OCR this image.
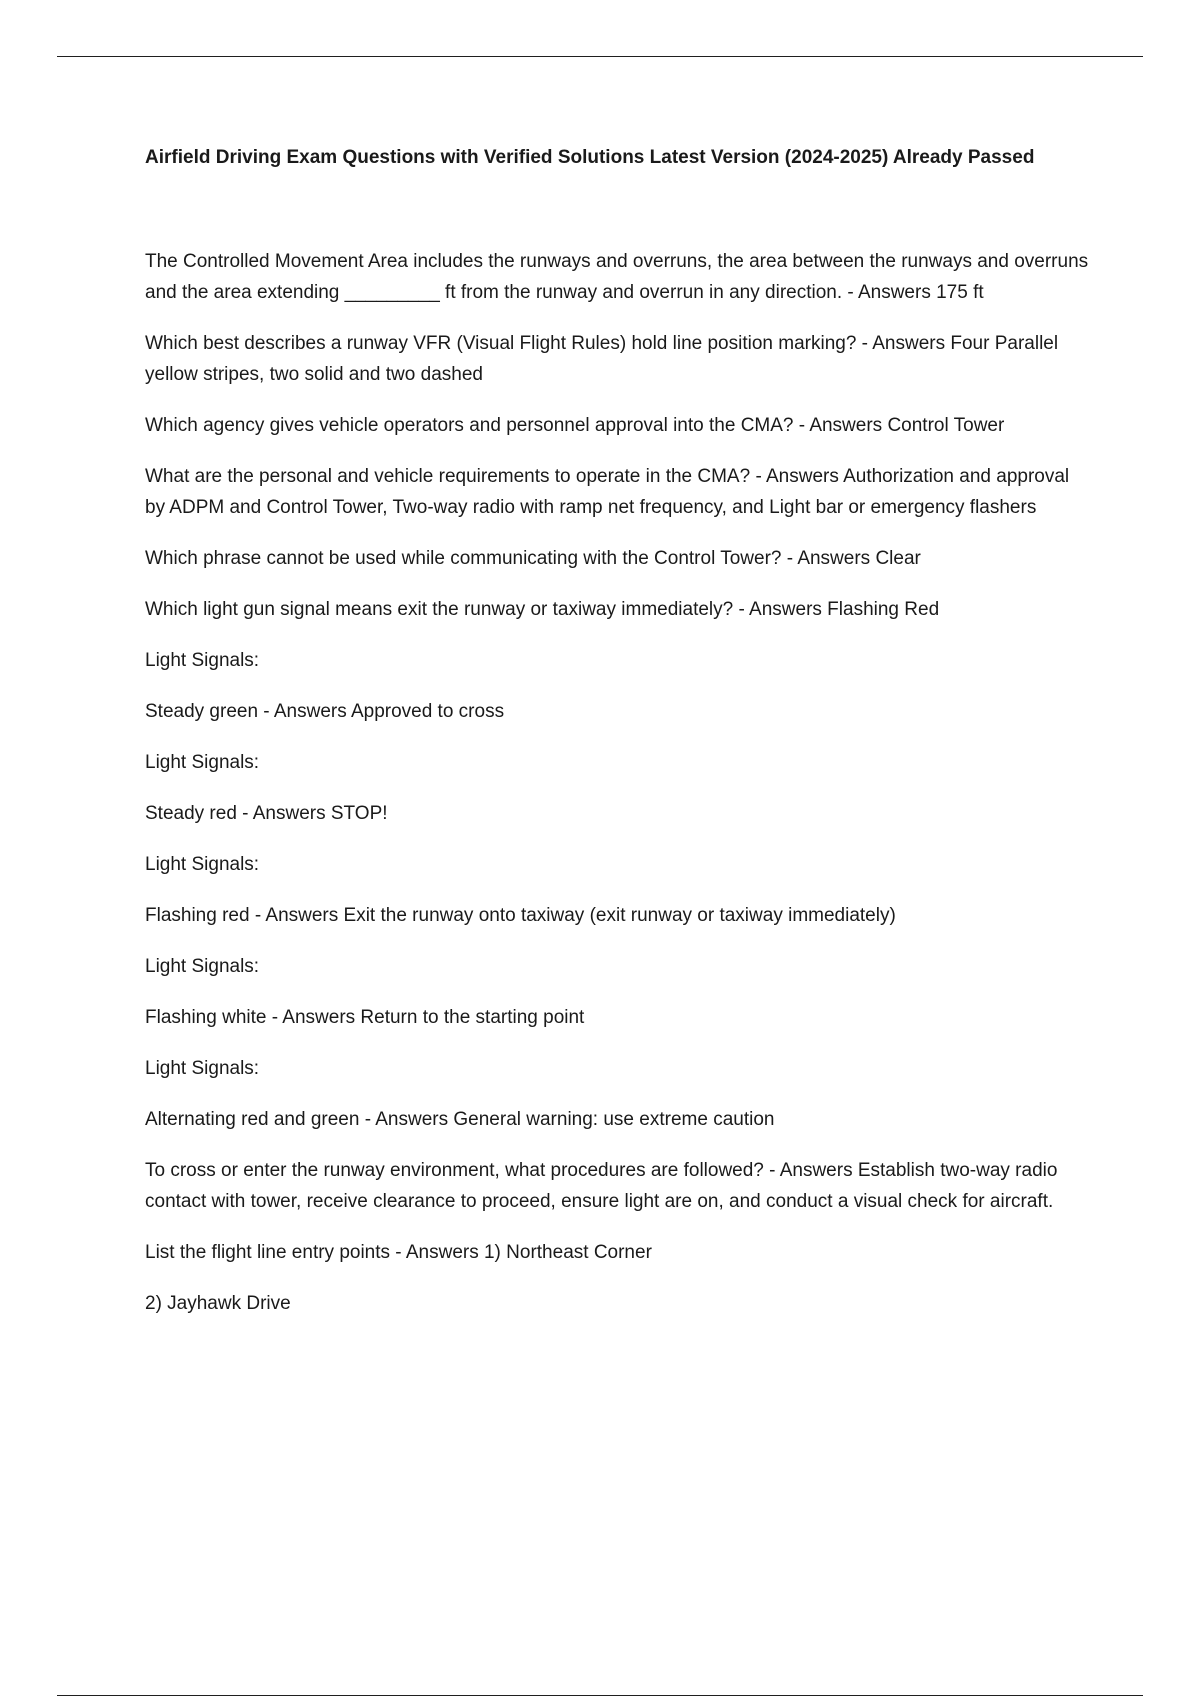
Airfield Driving Exam Questions with Verified Solutions Latest Version (2024-2025) Already Passed

The Controlled Movement Area includes the runways and overruns, the area between the runways and overruns and the area extending _________ ft from the runway and overrun in any direction. - Answers 175 ft

Which best describes a runway VFR (Visual Flight Rules) hold line position marking? - Answers Four Parallel yellow stripes, two solid and two dashed

Which agency gives vehicle operators and personnel approval into the CMA? - Answers Control Tower

What are the personal and vehicle requirements to operate in the CMA? - Answers Authorization and approval by ADPM and Control Tower, Two-way radio with ramp net frequency, and Light bar or emergency flashers

Which phrase cannot be used while communicating with the Control Tower? - Answers Clear

Which light gun signal means exit the runway or taxiway immediately? - Answers Flashing Red

Light Signals:

Steady green - Answers Approved to cross

Light Signals:

Steady red - Answers STOP!

Light Signals:

Flashing red - Answers Exit the runway onto taxiway (exit runway or taxiway immediately)

Light Signals:

Flashing white - Answers Return to the starting point

Light Signals:

Alternating red and green - Answers General warning: use extreme caution

To cross or enter the runway environment, what procedures are followed? - Answers Establish two-way radio contact with tower, receive clearance to proceed, ensure light are on, and conduct a visual check for aircraft.

List the flight line entry points - Answers 1) Northeast Corner

2) Jayhawk Drive
